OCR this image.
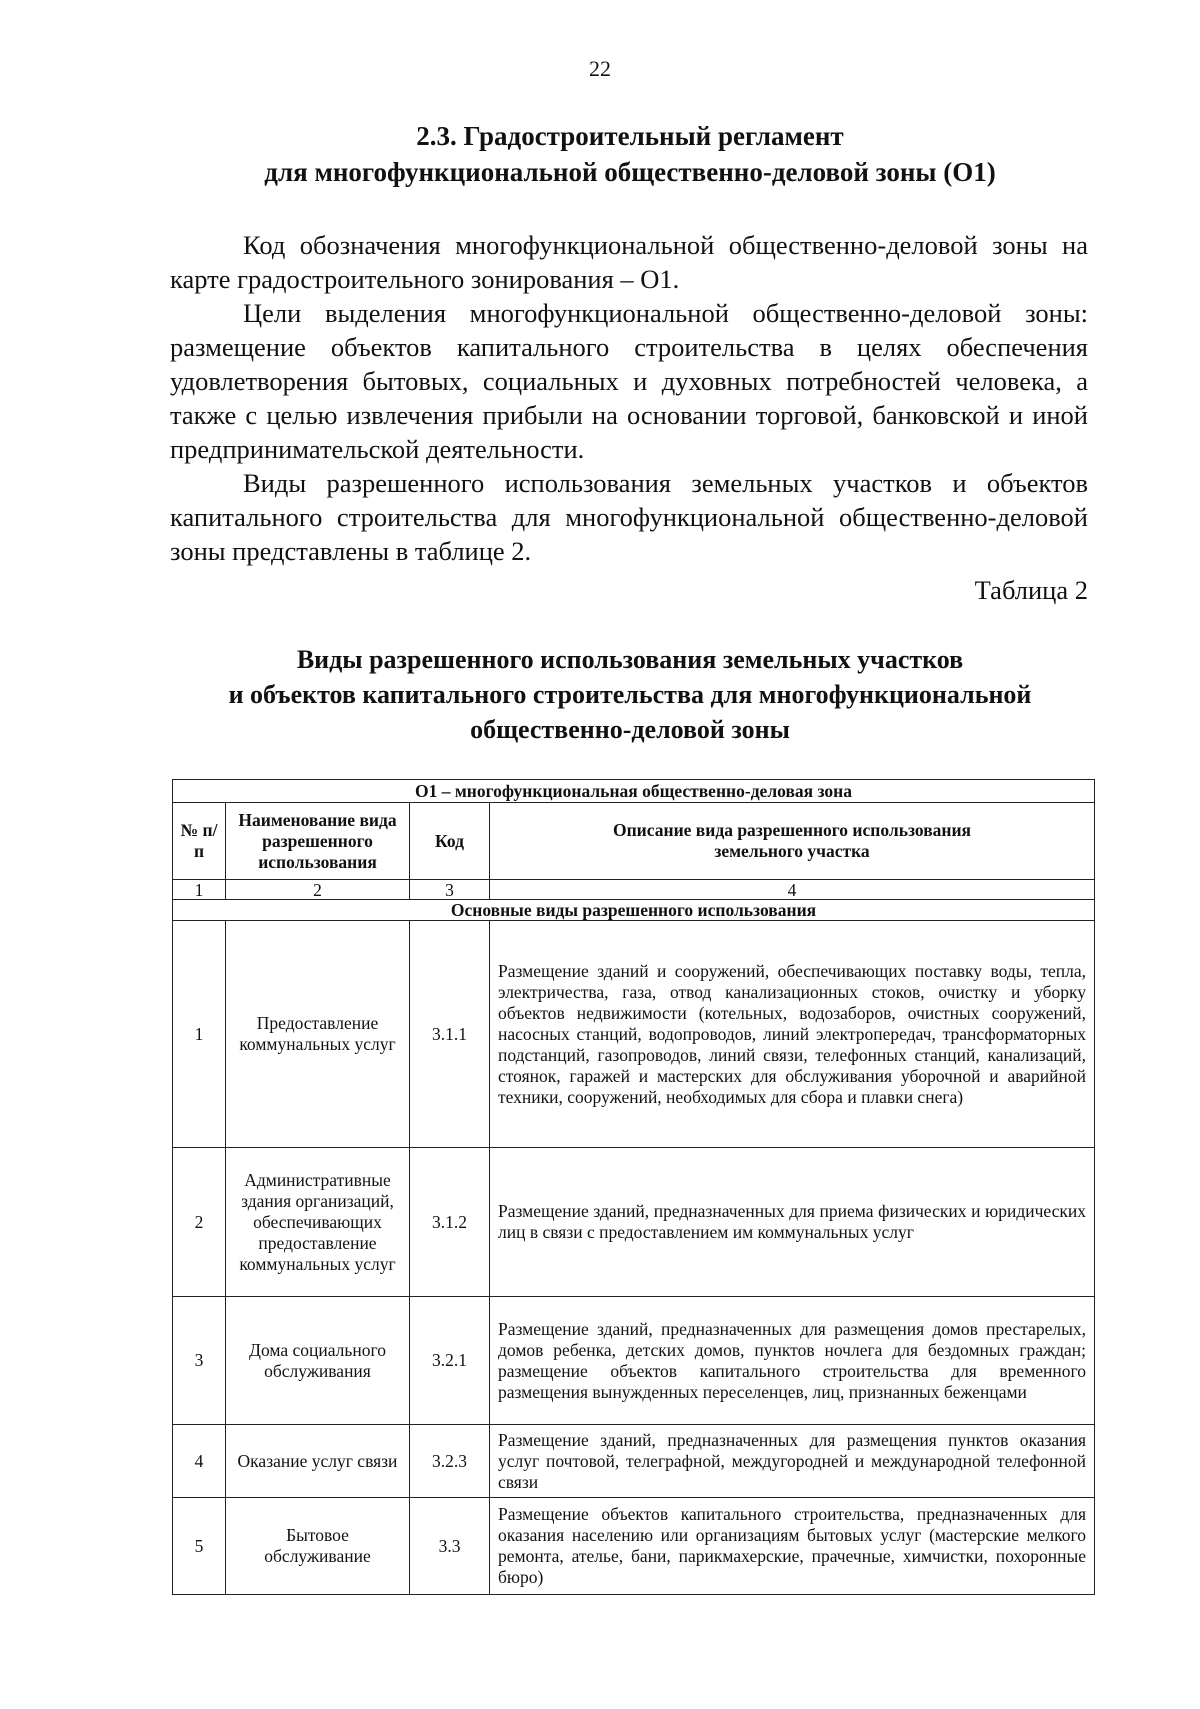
22
2.3. Градостроительный регламент
для многофункциональной общественно-деловой зоны (О1)

Код обозначения многофункциональной общественно-деловой зоны на карте градостроительного зонирования – О1.

Цели выделения многофункциональной общественно-деловой зоны: размещение объектов капитального строительства в целях обеспечения удовлетворения бытовых, социальных и духовных потребностей человека, а также с целью извлечения прибыли на основании торговой, банковской и иной предпринимательской деятельности.

Виды разрешенного использования земельных участков и объектов капитального строительства для многофункциональной общественно-деловой зоны представлены в таблице 2.

Таблица 2
Виды разрешенного использования земельных участков
и объектов капитального строительства для многофункциональной
общественно-деловой зоны
О1 – многофункциональная общественно-деловая зона			
№ п/п	Наименование вида разрешенного использования	Код	Описание вида разрешенного использования земельного участка
1	2	3	4
Основные виды разрешенного использования			
1	Предоставление коммунальных услуг	3.1.1	Размещение зданий и сооружений, обеспечивающих поставку воды, тепла, электричества, газа, отвод канализационных стоков, очистку и уборку объектов недвижимости (котельных, водозаборов, очистных сооружений, насосных станций, водопроводов, линий электропередач, трансформаторных подстанций, газопроводов, линий связи, телефонных станций, канализаций, стоянок, гаражей и мастерских для обслуживания уборочной и аварийной техники, сооружений, необходимых для сбора и плавки снега)
2	Административные здания организаций, обеспечивающих предоставление коммунальных услуг	3.1.2	Размещение зданий, предназначенных для приема физических и юридических лиц в связи с предоставлением им коммунальных услуг
3	Дома социального обслуживания	3.2.1	Размещение зданий, предназначенных для размещения домов престарелых, домов ребенка, детских домов, пунктов ночлега для бездомных граждан; размещение объектов капитального строительства для временного размещения вынужденных переселенцев, лиц, признанных беженцами
4	Оказание услуг связи	3.2.3	Размещение зданий, предназначенных для размещения пунктов оказания услуг почтовой, телеграфной, междугородней и международной телефонной связи
5	Бытовое обслуживание	3.3	Размещение объектов капитального строительства, предназначенных для оказания населению или организациям бытовых услуг (мастерские мелкого ремонта, ателье, бани, парикмахерские, прачечные, химчистки, похоронные бюро)
